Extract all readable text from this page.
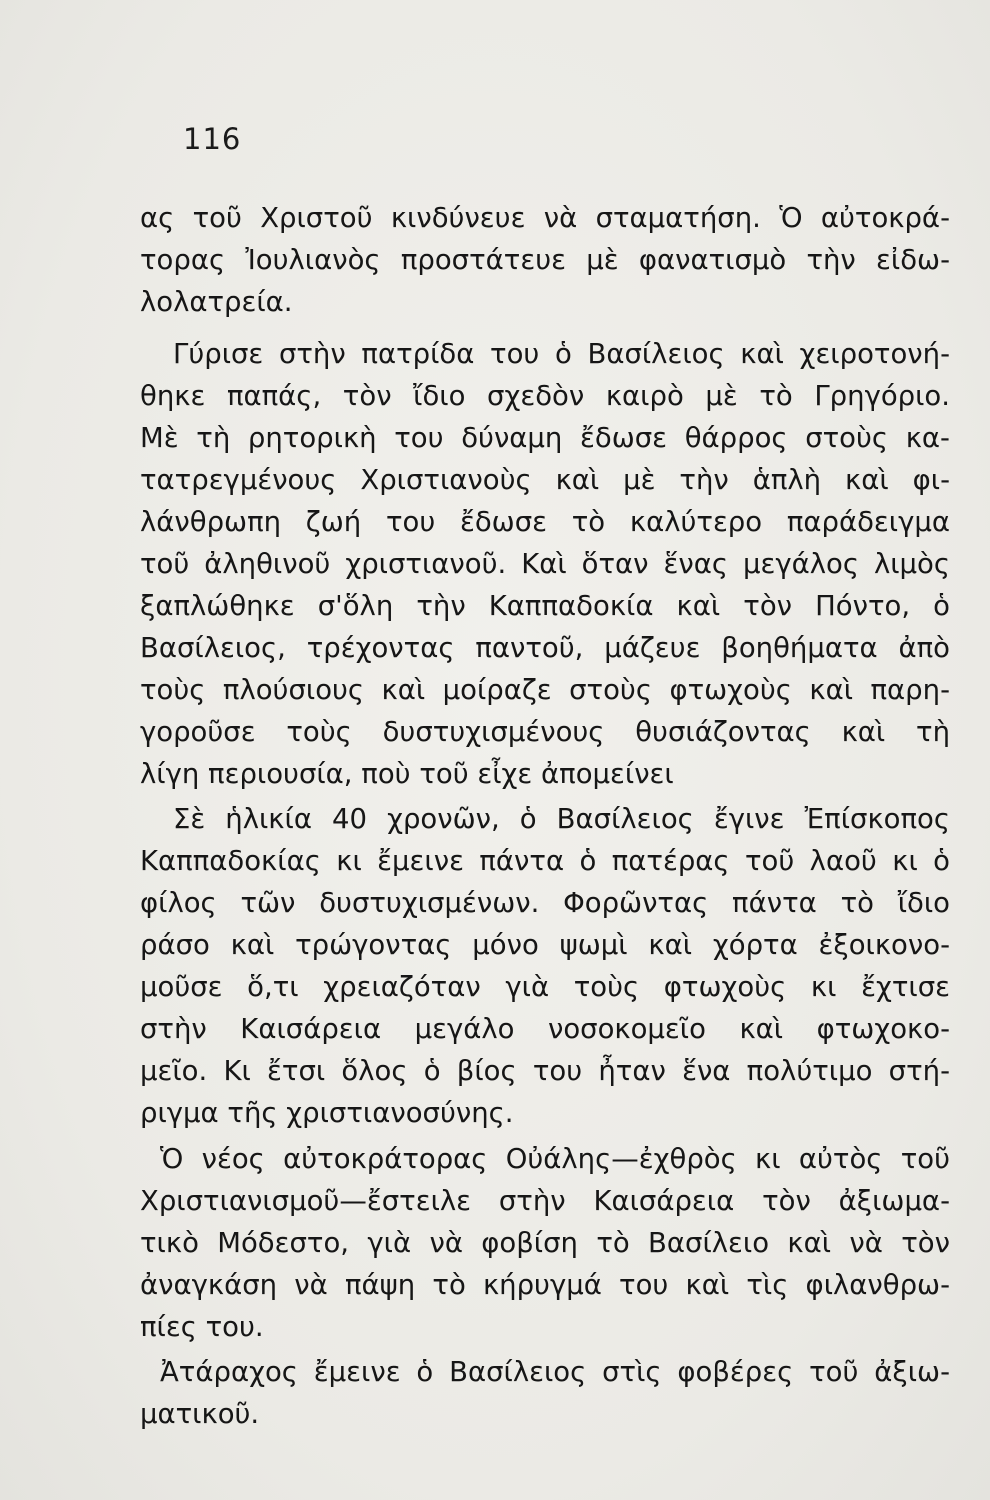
116
ας τοῦ Χριστοῦ κινδύνευε νὰ σταματήση. Ὁ αὐτοκρά-
τορας Ἰουλιανὸς προστάτευε μὲ φανατισμὸ τὴν εἰδω-
λολατρεία.
Γύρισε στὴν πατρίδα του ὁ Βασίλειος καὶ χειροτονή-
θηκε παπάς, τὸν ἴδιο σχεδὸν καιρὸ μὲ τὸ Γρηγόριο.
Μὲ τὴ ρητορικὴ του δύναμη ἔδωσε θάρρος στοὺς κα-
τατρεγμένους Χριστιανοὺς καὶ μὲ τὴν ἁπλὴ καὶ φι-
λάνθρωπη ζωή του ἔδωσε τὸ καλύτερο παράδειγμα
τοῦ ἀληθινοῦ χριστιανοῦ. Καὶ ὅταν ἕνας μεγάλος λιμὸς
ξαπλώθηκε σ'ὅλη τὴν Καππαδοκία καὶ τὸν Πόντο, ὁ
Βασίλειος, τρέχοντας παντοῦ, μάζευε βοηθήματα ἀπὸ
τοὺς πλούσιους καὶ μοίραζε στοὺς φτωχοὺς καὶ παρη-
γοροῦσε τοὺς δυστυχισμένους θυσιάζοντας καὶ τὴ
λίγη περιουσία, ποὺ τοῦ εἶχε ἀπομείνει
Σὲ ἡλικία 40 χρονῶν, ὁ Βασίλειος ἔγινε Ἐπίσκοπος
Καππαδοκίας κι ἔμεινε πάντα ὁ πατέρας τοῦ λαοῦ κι ὁ
φίλος τῶν δυστυχισμένων. Φορῶντας πάντα τὸ ἴδιο
ράσο καὶ τρώγοντας μόνο ψωμὶ καὶ χόρτα ἐξοικονο-
μοῦσε ὅ,τι χρειαζόταν γιὰ τοὺς φτωχοὺς κι ἔχτισε
στὴν Καισάρεια μεγάλο νοσοκομεῖο καὶ φτωχοκο-
μεῖο. Κι ἔτσι ὅλος ὁ βίος του ἦταν ἕνα πολύτιμο στή-
ριγμα τῆς χριστιανοσύνης.
Ὁ νέος αὐτοκράτορας Οὐάλης—ἐχθρὸς κι αὐτὸς τοῦ
Χριστιανισμοῦ—ἔστειλε στὴν Καισάρεια τὸν ἀξιωμα-
τικὸ Μόδεστο, γιὰ νὰ φοβίση τὸ Βασίλειο καὶ νὰ τὸν
ἀναγκάση νὰ πάψη τὸ κήρυγμά του καὶ τὶς φιλανθρω-
πίες του.
Ἀτάραχος ἔμεινε ὁ Βασίλειος στὶς φοβέρες τοῦ ἀξιω-
ματικοῦ.
